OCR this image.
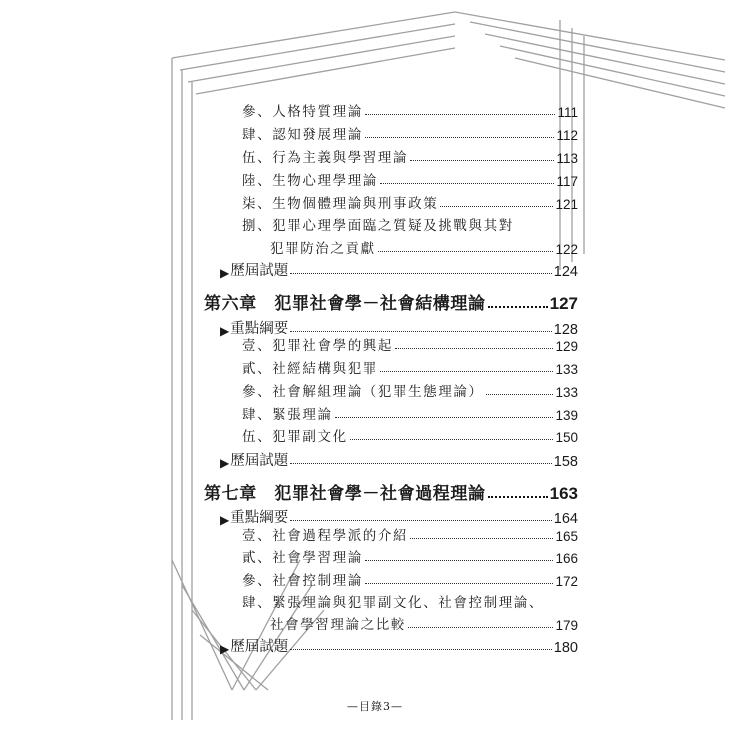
參、人格特質理論	111
肆、認知發展理論	112
伍、行為主義與學習理論	113
陸、生物心理學理論	117
柒、生物個體理論與刑事政策	121
捌、犯罪心理學面臨之質疑及挑戰與其對
犯罪防治之貢獻	122
▶ 歷屆試題	124
第六章　犯罪社會學－社會結構理論	127
▶ 重點綱要	128
壹、犯罪社會學的興起	129
貳、社經結構與犯罪	133
參、社會解組理論（犯罪生態理論）	133
肆、緊張理論	139
伍、犯罪副文化	150
▶ 歷屆試題	158
第七章　犯罪社會學－社會過程理論	163
▶ 重點綱要	164
壹、社會過程學派的介紹	165
貳、社會學習理論	166
參、社會控制理論	172
肆、緊張理論與犯罪副文化、社會控制理論、
社會學習理論之比較	179
▶ 歷屆試題	180
—目錄3—
